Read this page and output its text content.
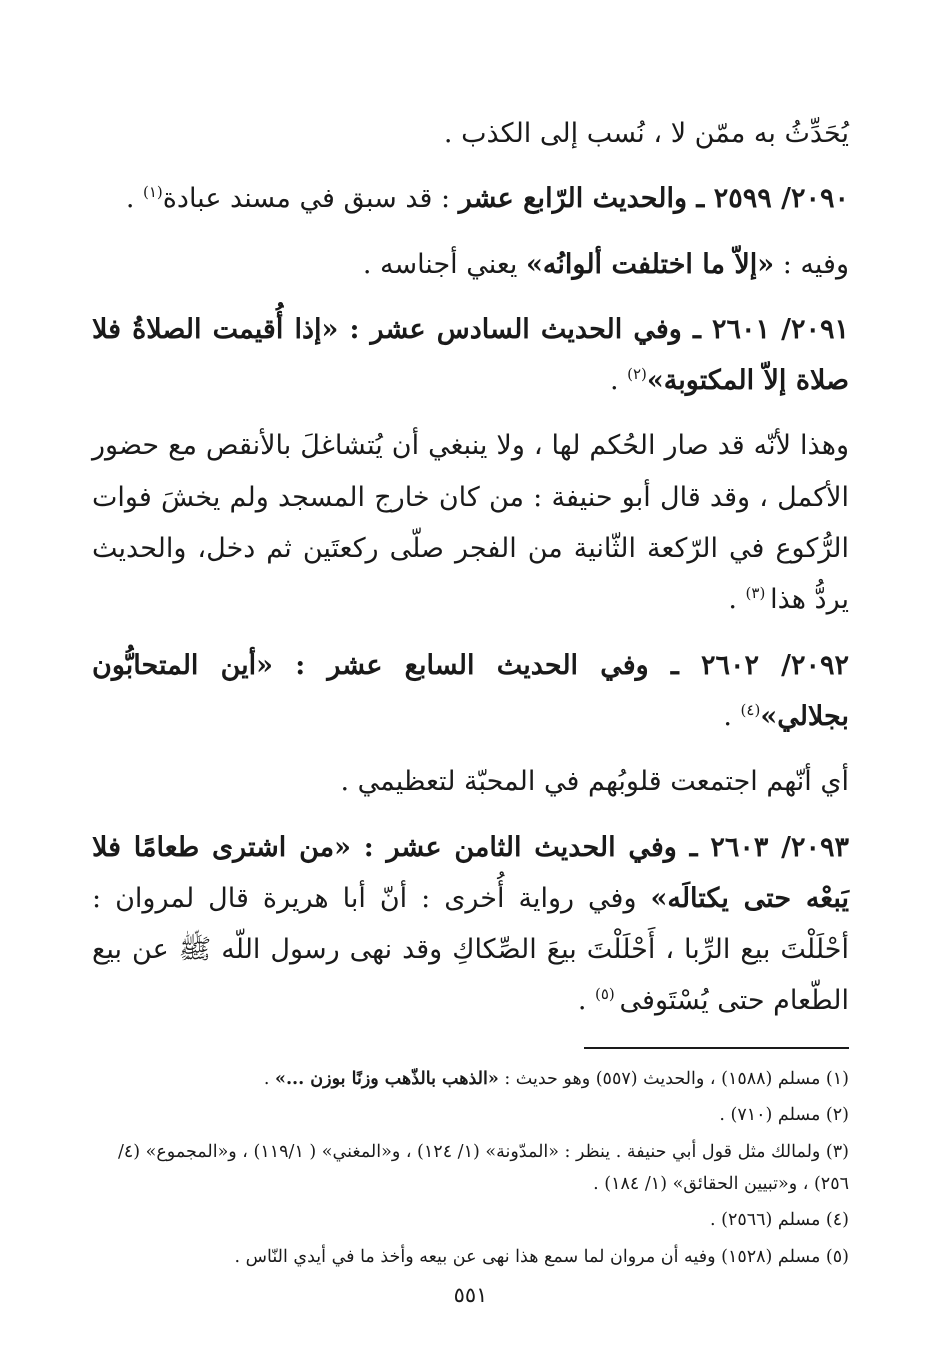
يُحَدِّثُ به ممّن لا ، نُسب إلى الكذب .

٢٠٩٠/ ٢٥٩٩ ـ والحديث الرّابع عشر : قد سبق في مسند عبادة$^{(١)}$ .

وفيه : «إلاّ ما اختلفت ألوانُه» يعني أجناسه .

٢٠٩١/ ٢٦٠١ ـ وفي الحديث السادس عشر : «إذا أُقيمت الصلاةُ فلا صلاة إلاّ المكتوبة»$^{(٢)}$ .

وهذا لأنّه قد صار الحُكم لها ، ولا ينبغي أن يُتشاغلَ بالأنقص مع حضور الأكمل ، وقد قال أبو حنيفة : من كان خارج المسجد ولم يخشَ فوات الرُّكوع في الرّكعة الثّانية من الفجر صلّى ركعتَين ثم دخل، والحديث يردُّ هذا $^{(٣)}$ .

٢٠٩٢/ ٢٦٠٢ ـ وفي الحديث السابع عشر : «أين المتحابُّون بجلالي»$^{(٤)}$ .

أي أنّهم اجتمعت قلوبُهم في المحبّة لتعظيمي .

٢٠٩٣/ ٢٦٠٣ ـ وفي الحديث الثامن عشر : «من اشترى طعامًا فلا يَبعْه حتى يكتالَه» وفي رواية أُخرى : أنّ أبا هريرة قال لمروان : أحْلَلْتَ بيع الرِّبا ، أَحْلَلْتَ بيعَ الصِّكاكِ وقد نهى رسول اللّه ﷺ عن بيع الطّعام حتى يُسْتَوفى $^{(٥)}$ .

(١) مسلم (١٥٨٨) ، والحديث (٥٥٧) وهو حديث : «الذهب بالذّهب وزنًا بوزن ...» .

(٢) مسلم (٧١٠) .

(٣) ولمالك مثل قول أبي حنيفة . ينظر : «المدّونة» (١/ ١٢٤) ، و«المغني» ( ١١٩/١) ، و«المجموع» (٤/ ٢٥٦) ، و«تبيين الحقائق» (١/ ١٨٤) .

(٤) مسلم (٢٥٦٦) .

(٥) مسلم (١٥٢٨) وفيه أن مروان لما سمع هذا نهى عن بيعه وأخذ ما في أيدي النّاس .

٥٥١
